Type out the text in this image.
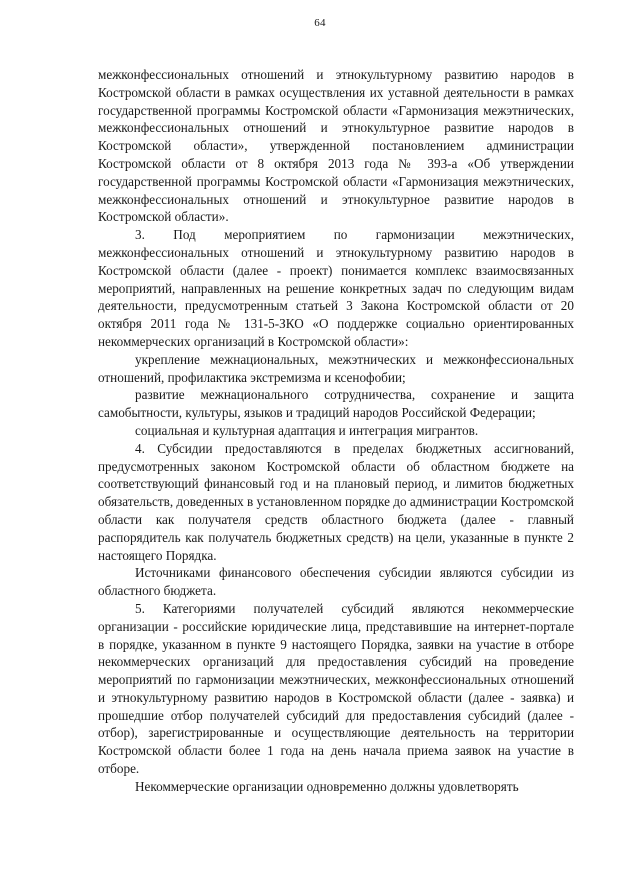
64

межконфессиональных отношений и этнокультурному развитию народов в Костромской области в рамках осуществления их уставной деятельности в рамках государственной программы Костромской области «Гармонизация межэтнических, межконфессиональных отношений и этнокультурное развитие народов в Костромской области», утвержденной постановлением администрации Костромской области от 8 октября 2013 года № 393-а «Об утверждении государственной программы Костромской области «Гармонизация межэтнических, межконфессиональных отношений и этнокультурное развитие народов в Костромской области».

3. Под мероприятием по гармонизации межэтнических, межконфессиональных отношений и этнокультурному развитию народов в Костромской области (далее - проект) понимается комплекс взаимосвязанных мероприятий, направленных на решение конкретных задач по следующим видам деятельности, предусмотренным статьей 3 Закона Костромской области от 20 октября 2011 года № 131-5-ЗКО «О поддержке социально ориентированных некоммерческих организаций в Костромской области»:

укрепление межнациональных, межэтнических и межконфессиональных отношений, профилактика экстремизма и ксенофобии;

развитие межнационального сотрудничества, сохранение и защита самобытности, культуры, языков и традиций народов Российской Федерации;

социальная и культурная адаптация и интеграция мигрантов.

4. Субсидии предоставляются в пределах бюджетных ассигнований, предусмотренных законом Костромской области об областном бюджете на соответствующий финансовый год и на плановый период, и лимитов бюджетных обязательств, доведенных в установленном порядке до администрации Костромской области как получателя средств областного бюджета (далее - главный распорядитель как получатель бюджетных средств) на цели, указанные в пункте 2 настоящего Порядка.

Источниками финансового обеспечения субсидии являются субсидии из областного бюджета.

5. Категориями получателей субсидий являются некоммерческие организации - российские юридические лица, представившие на интернет-портале в порядке, указанном в пункте 9 настоящего Порядка, заявки на участие в отборе некоммерческих организаций для предоставления субсидий на проведение мероприятий по гармонизации межэтнических, межконфессиональных отношений и этнокультурному развитию народов в Костромской области (далее - заявка) и прошедшие отбор получателей субсидий для предоставления субсидий (далее - отбор), зарегистрированные и осуществляющие деятельность на территории Костромской области более 1 года на день начала приема заявок на участие в отборе.

Некоммерческие организации одновременно должны удовлетворять
